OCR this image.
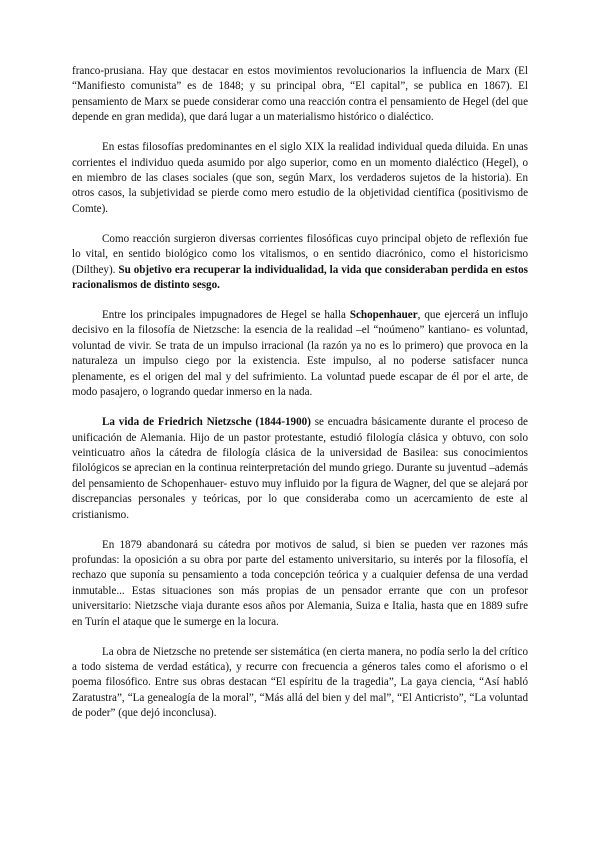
franco-prusiana. Hay que destacar en estos movimientos revolucionarios la influencia de Marx (El “Manifiesto comunista” es de 1848; y su principal obra, “El capital”, se publica en 1867). El pensamiento de Marx se puede considerar como una reacción contra el pensamiento de Hegel (del que depende en gran medida), que dará lugar a un materialismo histórico o dialéctico.

En estas filosofías predominantes en el siglo XIX la realidad individual queda diluida. En unas corrientes el individuo queda asumido por algo superior, como en un momento dialéctico (Hegel), o en miembro de las clases sociales (que son, según Marx, los verdaderos sujetos de la historia). En otros casos, la subjetividad se pierde como mero estudio de la objetividad científica (positivismo de Comte).

Como reacción surgieron diversas corrientes filosóficas cuyo principal objeto de reflexión fue lo vital, en sentido biológico como los vitalismos, o en sentido diacrónico, como el historicismo (Dilthey). Su objetivo era recuperar la individualidad, la vida que consideraban perdida en estos racionalismos de distinto sesgo.

Entre los principales impugnadores de Hegel se halla Schopenhauer, que ejercerá un influjo decisivo en la filosofía de Nietzsche: la esencia de la realidad –el “noúmeno” kantiano- es voluntad, voluntad de vivir. Se trata de un impulso irracional (la razón ya no es lo primero) que provoca en la naturaleza un impulso ciego por la existencia. Este impulso, al no poderse satisfacer nunca plenamente, es el origen del mal y del sufrimiento. La voluntad puede escapar de él por el arte, de modo pasajero, o logrando quedar inmerso en la nada.

La vida de Friedrich Nietzsche (1844-1900) se encuadra básicamente durante el proceso de unificación de Alemania. Hijo de un pastor protestante, estudió filología clásica y obtuvo, con solo veinticuatro años la cátedra de filología clásica de la universidad de Basilea: sus conocimientos filológicos se aprecian en la continua reinterpretación del mundo griego. Durante su juventud –además del pensamiento de Schopenhauer- estuvo muy influido por la figura de Wagner, del que se alejará por discrepancias personales y teóricas, por lo que consideraba como un acercamiento de este al cristianismo.

En 1879 abandonará su cátedra por motivos de salud, si bien se pueden ver razones más profundas: la oposición a su obra por parte del estamento universitario, su interés por la filosofía, el rechazo que suponía su pensamiento a toda concepción teórica y a cualquier defensa de una verdad inmutable... Estas situaciones son más propias de un pensador errante que con un profesor universitario: Nietzsche viaja durante esos años por Alemania, Suiza e Italia, hasta que en 1889 sufre en Turín el ataque que le sumerge en la locura.

La obra de Nietzsche no pretende ser sistemática (en cierta manera, no podía serlo la del crítico a todo sistema de verdad estática), y recurre con frecuencia a géneros tales como el aforismo o el poema filosófico. Entre sus obras destacan “El espíritu de la tragedia”, La gaya ciencia, “Así habló Zaratustra”, “La genealogía de la moral”, “Más allá del bien y del mal”, “El Anticristo”, “La voluntad de poder” (que dejó inconclusa).
